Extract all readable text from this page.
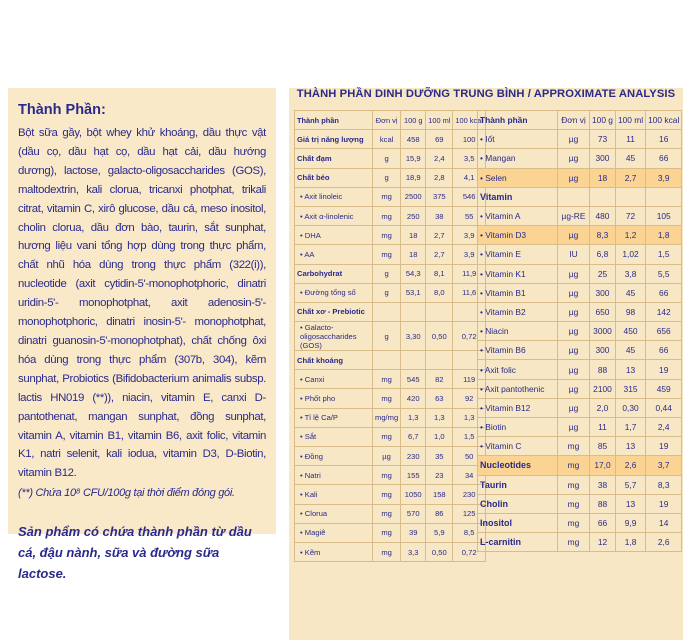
Thành Phần:
Bột sữa gầy, bột whey khử khoáng, dầu thực vật (dầu cọ, dầu hạt cọ, dầu hạt cải, dầu hướng dương), lactose, galacto-oligosaccharides (GOS), maltodextrin, kali clorua, tricanxi photphat, trikali citrat, vitamin C, xirô glucose, dầu cá, meso inositol, cholin clorua, dầu đơn bào, taurin, sắt sunphat, hương liệu vani tổng hợp dùng trong thực phẩm, chất nhũ hóa dùng trong thực phẩm (322(i)), nucleotide (axit cytidin-5'-monophotphoric, dinatri uridin-5'- monophotphat, axit adenosin-5'-monophotphoric, dinatri inosin-5'- monophotphat, dinatri guanosin-5'-monophotphat), chất chống ôxi hóa dùng trong thực phẩm (307b, 304), kẽm sunphat, Probiotics (Bifidobacterium animalis subsp. lactis HN019 (**)), niacin, vitamin E, canxi D-pantothenat, mangan sunphat, đồng sunphat, vitamin A, vitamin B1, vitamin B6, axit folic, vitamin K1, natri selenit, kali iodua, vitamin D3, D-Biotin, vitamin B12.
(**) Chứa 10⁸ CFU/100g tại thời điểm đóng gói.
Sản phẩm có chứa thành phần từ dầu cá, đậu nành, sữa và đường sữa lactose.
THÀNH PHẦN DINH DƯỠNG TRUNG BÌNH / APPROXIMATE ANALYSIS
Thành phần	Đơn vị	100 g	100 ml	100 kcal
Giá trị năng lượng	kcal	458	69	100
Chất đạm	g	15,9	2,4	3,5
Chất béo	g	18,9	2,8	4,1
• Axit linoleic	mg	2500	375	546
• Axit α-linolenic	mg	250	38	55
• DHA	mg	18	2,7	3,9
• AA	mg	18	2,7	3,9
Carbohydrat	g	54,3	8,1	11,9
• Đường tổng số	g	53,1	8,0	11,6
Chất xơ - Prebiotic				
• Galacto-oligosaccharides (GOS)	g	3,30	0,50	0,72
Chất khoáng				
• Canxi	mg	545	82	119
• Phốt pho	mg	420	63	92
• Tỉ lệ Ca/P	mg/mg	1,3	1,3	1,3
• Sắt	mg	6,7	1,0	1,5
• Đồng	µg	230	35	50
• Natri	mg	155	23	34
• Kali	mg	1050	158	230
• Clorua	mg	570	86	125
• Magiê	mg	39	5,9	8,5
• Kẽm	mg	3,3	0,50	0,72
Thành phần	Đơn vị	100 g	100 ml	100 kcal
• Iốt	µg	73	11	16
• Mangan	µg	300	45	66
• Selen	µg	18	2,7	3,9
Vitamin				
• Vitamin A	µg-RE	480	72	105
• Vitamin D3	µg	8,3	1,2	1,8
• Vitamin E	IU	6,8	1,02	1,5
• Vitamin K1	µg	25	3,8	5,5
• Vitamin B1	µg	300	45	66
• Vitamin B2	µg	650	98	142
• Niacin	µg	3000	450	656
• Vitamin B6	µg	300	45	66
• Axit folic	µg	88	13	19
• Axit pantothenic	µg	2100	315	459
• Vitamin B12	µg	2,0	0,30	0,44
• Biotin	µg	11	1,7	2,4
• Vitamin C	mg	85	13	19
Nucleotides	mg	17,0	2,6	3,7
Taurin	mg	38	5,7	8,3
Cholin	mg	88	13	19
Inositol	mg	66	9,9	14
L-carnitin	mg	12	1,8	2,6
